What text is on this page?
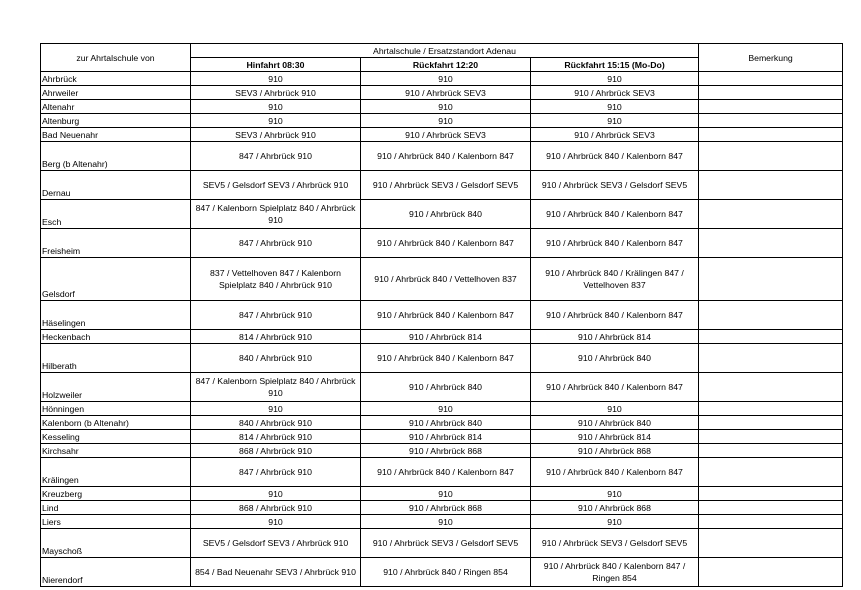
zur Ahrtalschule von	Ahrtalschule / Ersatzstandort Adenau			Bemerkung
	Hinfahrt 08:30	Rückfahrt 12:20	Rückfahrt 15:15 (Mo-Do)	
Ahrbrück	910	910	910	
Ahrweiler	SEV3 / Ahrbrück 910	910 / Ahrbrück SEV3	910 / Ahrbrück SEV3	
Altenahr	910	910	910	
Altenburg	910	910	910	
Bad Neuenahr	SEV3 / Ahrbrück 910	910 / Ahrbrück SEV3	910 / Ahrbrück SEV3	
Berg (b Altenahr)	847 / Ahrbrück 910	910 / Ahrbrück 840 / Kalenborn 847	910 / Ahrbrück 840 / Kalenborn 847	
Dernau	SEV5 / Gelsdorf SEV3 / Ahrbrück 910	910 / Ahrbrück SEV3 / Gelsdorf SEV5	910 / Ahrbrück SEV3 / Gelsdorf SEV5	
Esch	847 / Kalenborn Spielplatz 840 / Ahrbrück 910	910 / Ahrbrück 840	910 / Ahrbrück 840 / Kalenborn 847	
Freisheim	847 / Ahrbrück 910	910 / Ahrbrück 840 / Kalenborn 847	910 / Ahrbrück 840 / Kalenborn 847	
Gelsdorf	837 / Vettelhoven 847 / Kalenborn Spielplatz 840 / Ahrbrück 910	910 / Ahrbrück 840 / Vettelhoven 837	910 / Ahrbrück 840 / Krälingen 847 / Vettelhoven 837	
Häselingen	847 / Ahrbrück 910	910 / Ahrbrück 840 / Kalenborn 847	910 / Ahrbrück 840 / Kalenborn 847	
Heckenbach	814 / Ahrbrück 910	910 / Ahrbrück 814	910 / Ahrbrück 814	
Hilberath	840 / Ahrbrück 910	910 / Ahrbrück 840 / Kalenborn 847	910 / Ahrbrück 840	
Holzweiler	847 / Kalenborn Spielplatz 840 / Ahrbrück 910	910 / Ahrbrück 840	910 / Ahrbrück 840 / Kalenborn 847	
Hönningen	910	910	910	
Kalenborn (b Altenahr)	840 / Ahrbrück 910	910 / Ahrbrück 840	910 / Ahrbrück 840	
Kesseling	814 / Ahrbrück 910	910 / Ahrbrück 814	910 / Ahrbrück 814	
Kirchsahr	868 / Ahrbrück 910	910 / Ahrbrück 868	910 / Ahrbrück 868	
Krälingen	847 / Ahrbrück 910	910 / Ahrbrück 840 / Kalenborn 847	910 / Ahrbrück 840 / Kalenborn 847	
Kreuzberg	910	910	910	
Lind	868 / Ahrbrück 910	910 / Ahrbrück 868	910 / Ahrbrück 868	
Liers	910	910	910	
Mayschoß	SEV5 / Gelsdorf SEV3 / Ahrbrück 910	910 / Ahrbrück SEV3 / Gelsdorf SEV5	910 / Ahrbrück SEV3 / Gelsdorf SEV5	
Nierendorf	854 / Bad Neuenahr SEV3 / Ahrbrück 910	910 / Ahrbrück 840 / Ringen 854	910 / Ahrbrück 840 / Kalenborn 847 / Ringen 854	
